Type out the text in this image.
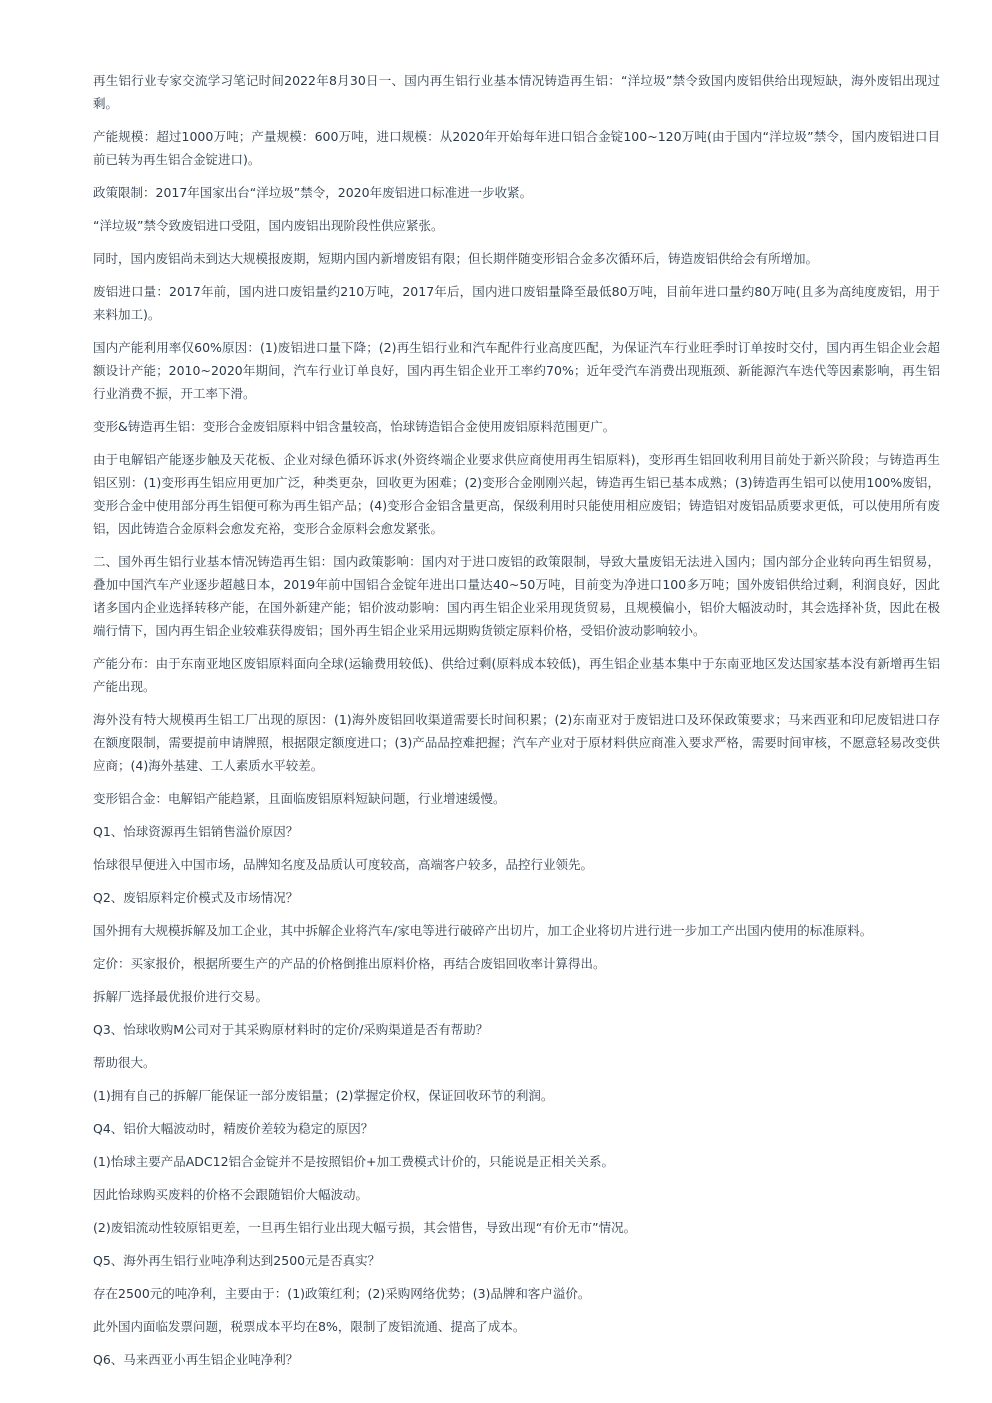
再生铝行业专家交流学习笔记时间2022年8月30日一、国内再生铝行业基本情况铸造再生铝：“洋垃圾”禁令致国内废铝供给出现短缺，海外废铝出现过剩。

产能规模：超过1000万吨；产量规模：600万吨，进口规模：从2020年开始每年进口铝合金锭100~120万吨(由于国内“洋垃圾”禁令，国内废铝进口目前已转为再生铝合金锭进口)。

政策限制：2017年国家出台“洋垃圾”禁令，2020年废铝进口标准进一步收紧。

“洋垃圾”禁令致废铝进口受阻，国内废铝出现阶段性供应紧张。

同时，国内废铝尚未到达大规模报废期，短期内国内新增废铝有限；但长期伴随变形铝合金多次循环后，铸造废铝供给会有所增加。

废铝进口量：2017年前，国内进口废铝量约210万吨，2017年后，国内进口废铝量降至最低80万吨，目前年进口量约80万吨(且多为高纯度废铝，用于来料加工)。

国内产能利用率仅60%原因：(1)废铝进口量下降；(2)再生铝行业和汽车配件行业高度匹配，为保证汽车行业旺季时订单按时交付，国内再生铝企业会超额设计产能；2010~2020年期间，汽车行业订单良好，国内再生铝企业开工率约70%；近年受汽车消费出现瓶颈、新能源汽车迭代等因素影响，再生铝行业消费不振，开工率下滑。

变形&铸造再生铝：变形合金废铝原料中铝含量较高，怡球铸造铝合金使用废铝原料范围更广。

由于电解铝产能逐步触及天花板、企业对绿色循环诉求(外资终端企业要求供应商使用再生铝原料)，变形再生铝回收利用目前处于新兴阶段；与铸造再生铝区别：(1)变形再生铝应用更加广泛，种类更杂，回收更为困难；(2)变形合金刚刚兴起，铸造再生铝已基本成熟；(3)铸造再生铝可以使用100%废铝，变形合金中使用部分再生铝便可称为再生铝产品；(4)变形合金铝含量更高，保级利用时只能使用相应废铝；铸造铝对废铝品质要求更低，可以使用所有废铝，因此铸造合金原料会愈发充裕，变形合金原料会愈发紧张。

二、国外再生铝行业基本情况铸造再生铝：国内政策影响：国内对于进口废铝的政策限制，导致大量废铝无法进入国内；国内部分企业转向再生铝贸易，叠加中国汽车产业逐步超越日本，2019年前中国铝合金锭年进出口量达40~50万吨，目前变为净进口100多万吨；国外废铝供给过剩，利润良好，因此诸多国内企业选择转移产能，在国外新建产能；铝价波动影响：国内再生铝企业采用现货贸易，且规模偏小，铝价大幅波动时，其会选择补货，因此在极端行情下，国内再生铝企业较难获得废铝；国外再生铝企业采用远期购货锁定原料价格，受铝价波动影响较小。

产能分布：由于东南亚地区废铝原料面向全球(运输费用较低)、供给过剩(原料成本较低)，再生铝企业基本集中于东南亚地区发达国家基本没有新增再生铝产能出现。

海外没有特大规模再生铝工厂出现的原因：(1)海外废铝回收渠道需要长时间积累；(2)东南亚对于废铝进口及环保政策要求；马来西亚和印尼废铝进口存在额度限制，需要提前申请牌照，根据限定额度进口；(3)产品品控难把握；汽车产业对于原材料供应商准入要求严格，需要时间审核，不愿意轻易改变供应商；(4)海外基建、工人素质水平较差。

变形铝合金：电解铝产能趋紧，且面临废铝原料短缺问题，行业增速缓慢。

Q1、怡球资源再生铝销售溢价原因？

怡球很早便进入中国市场，品牌知名度及品质认可度较高，高端客户较多，品控行业领先。

Q2、废铝原料定价模式及市场情况？

国外拥有大规模拆解及加工企业，其中拆解企业将汽车/家电等进行破碎产出切片，加工企业将切片进行进一步加工产出国内使用的标准原料。

定价：买家报价，根据所要生产的产品的价格倒推出原料价格，再结合废铝回收率计算得出。

拆解厂选择最优报价进行交易。

Q3、怡球收购M公司对于其采购原材料时的定价/采购渠道是否有帮助？

帮助很大。

(1)拥有自己的拆解厂能保证一部分废铝量；(2)掌握定价权，保证回收环节的利润。

Q4、铝价大幅波动时，精废价差较为稳定的原因？

(1)怡球主要产品ADC12铝合金锭并不是按照铝价+加工费模式计价的，只能说是正相关关系。

因此怡球购买废料的价格不会跟随铝价大幅波动。

(2)废铝流动性较原铝更差，一旦再生铝行业出现大幅亏损，其会惜售，导致出现“有价无市”情况。

Q5、海外再生铝行业吨净利达到2500元是否真实？

存在2500元的吨净利，主要由于：(1)政策红利；(2)采购网络优势；(3)品牌和客户溢价。

此外国内面临发票问题，税票成本平均在8%，限制了废铝流通、提高了成本。

Q6、马来西亚小再生铝企业吨净利？
